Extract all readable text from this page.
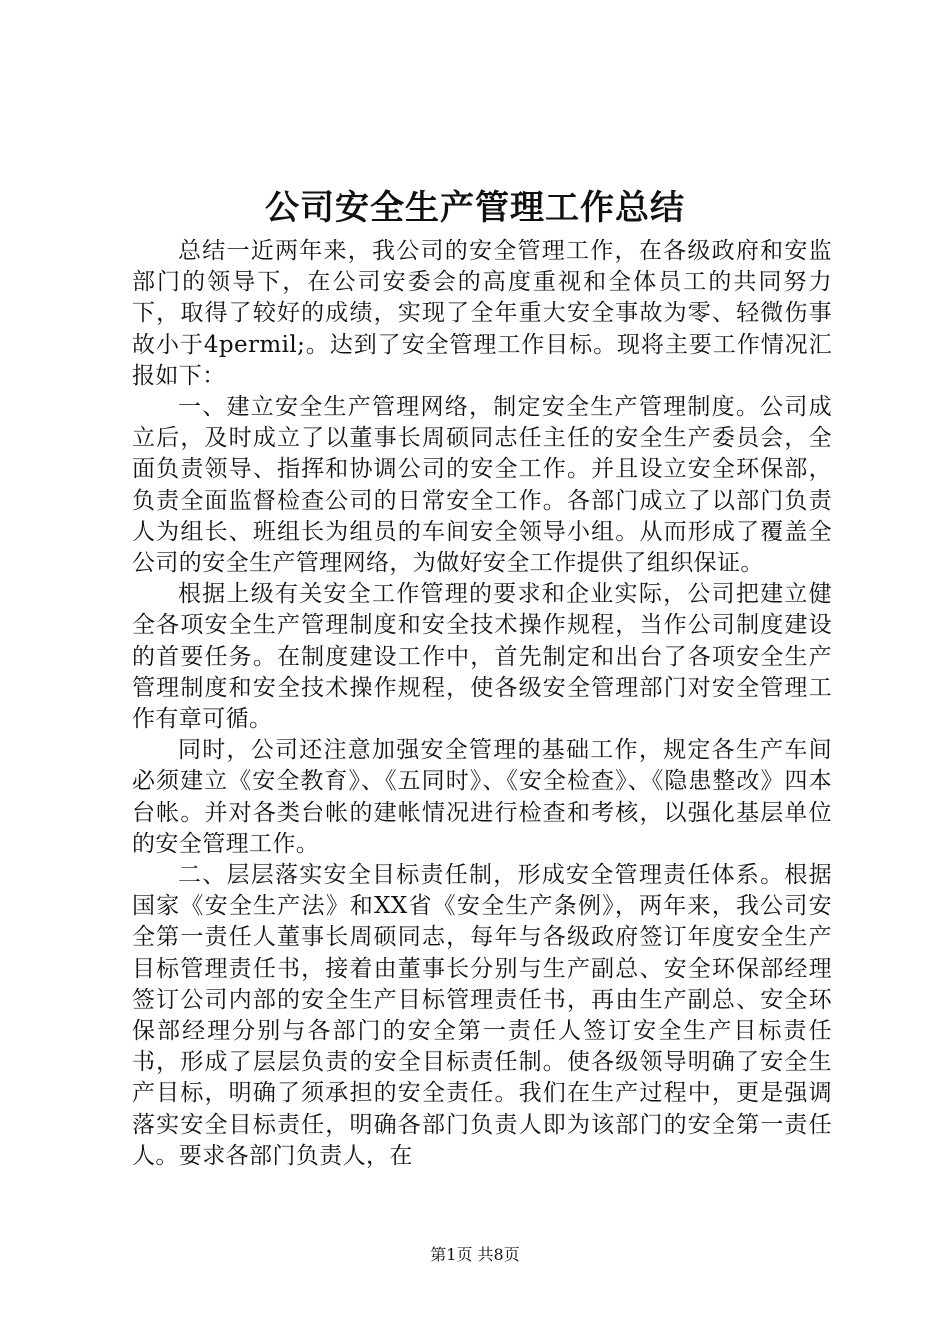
公司安全生产管理工作总结

总结一近两年来，我公司的安全管理工作，在各级政府和安监部门的领导下，在公司安委会的高度重视和全体员工的共同努力下，取得了较好的成绩，实现了全年重大安全事故为零、轻微伤事故小于4permil;。达到了安全管理工作目标。现将主要工作情况汇报如下：

一、建立安全生产管理网络，制定安全生产管理制度。公司成立后，及时成立了以董事长周硕同志任主任的安全生产委员会，全面负责领导、指挥和协调公司的安全工作。并且设立安全环保部，负责全面监督检查公司的日常安全工作。各部门成立了以部门负责人为组长、班组长为组员的车间安全领导小组。从而形成了覆盖全公司的安全生产管理网络，为做好安全工作提供了组织保证。

根据上级有关安全工作管理的要求和企业实际，公司把建立健全各项安全生产管理制度和安全技术操作规程，当作公司制度建设的首要任务。在制度建设工作中，首先制定和出台了各项安全生产管理制度和安全技术操作规程，使各级安全管理部门对安全管理工作有章可循。

同时，公司还注意加强安全管理的基础工作，规定各生产车间必须建立《安全教育》、《五同时》、《安全检查》、《隐患整改》四本台帐。并对各类台帐的建帐情况进行检查和考核，以强化基层单位的安全管理工作。

二、层层落实安全目标责任制，形成安全管理责任体系。根据国家《安全生产法》和XX省《安全生产条例》，两年来，我公司安全第一责任人董事长周硕同志，每年与各级政府签订年度安全生产目标管理责任书，接着由董事长分别与生产副总、安全环保部经理签订公司内部的安全生产目标管理责任书，再由生产副总、安全环保部经理分别与各部门的安全第一责任人签订安全生产目标责任书，形成了层层负责的安全目标责任制。使各级领导明确了安全生产目标，明确了须承担的安全责任。我们在生产过程中，更是强调落实安全目标责任，明确各部门负责人即为该部门的安全第一责任人。要求各部门负责人，在

第1页 共8页
